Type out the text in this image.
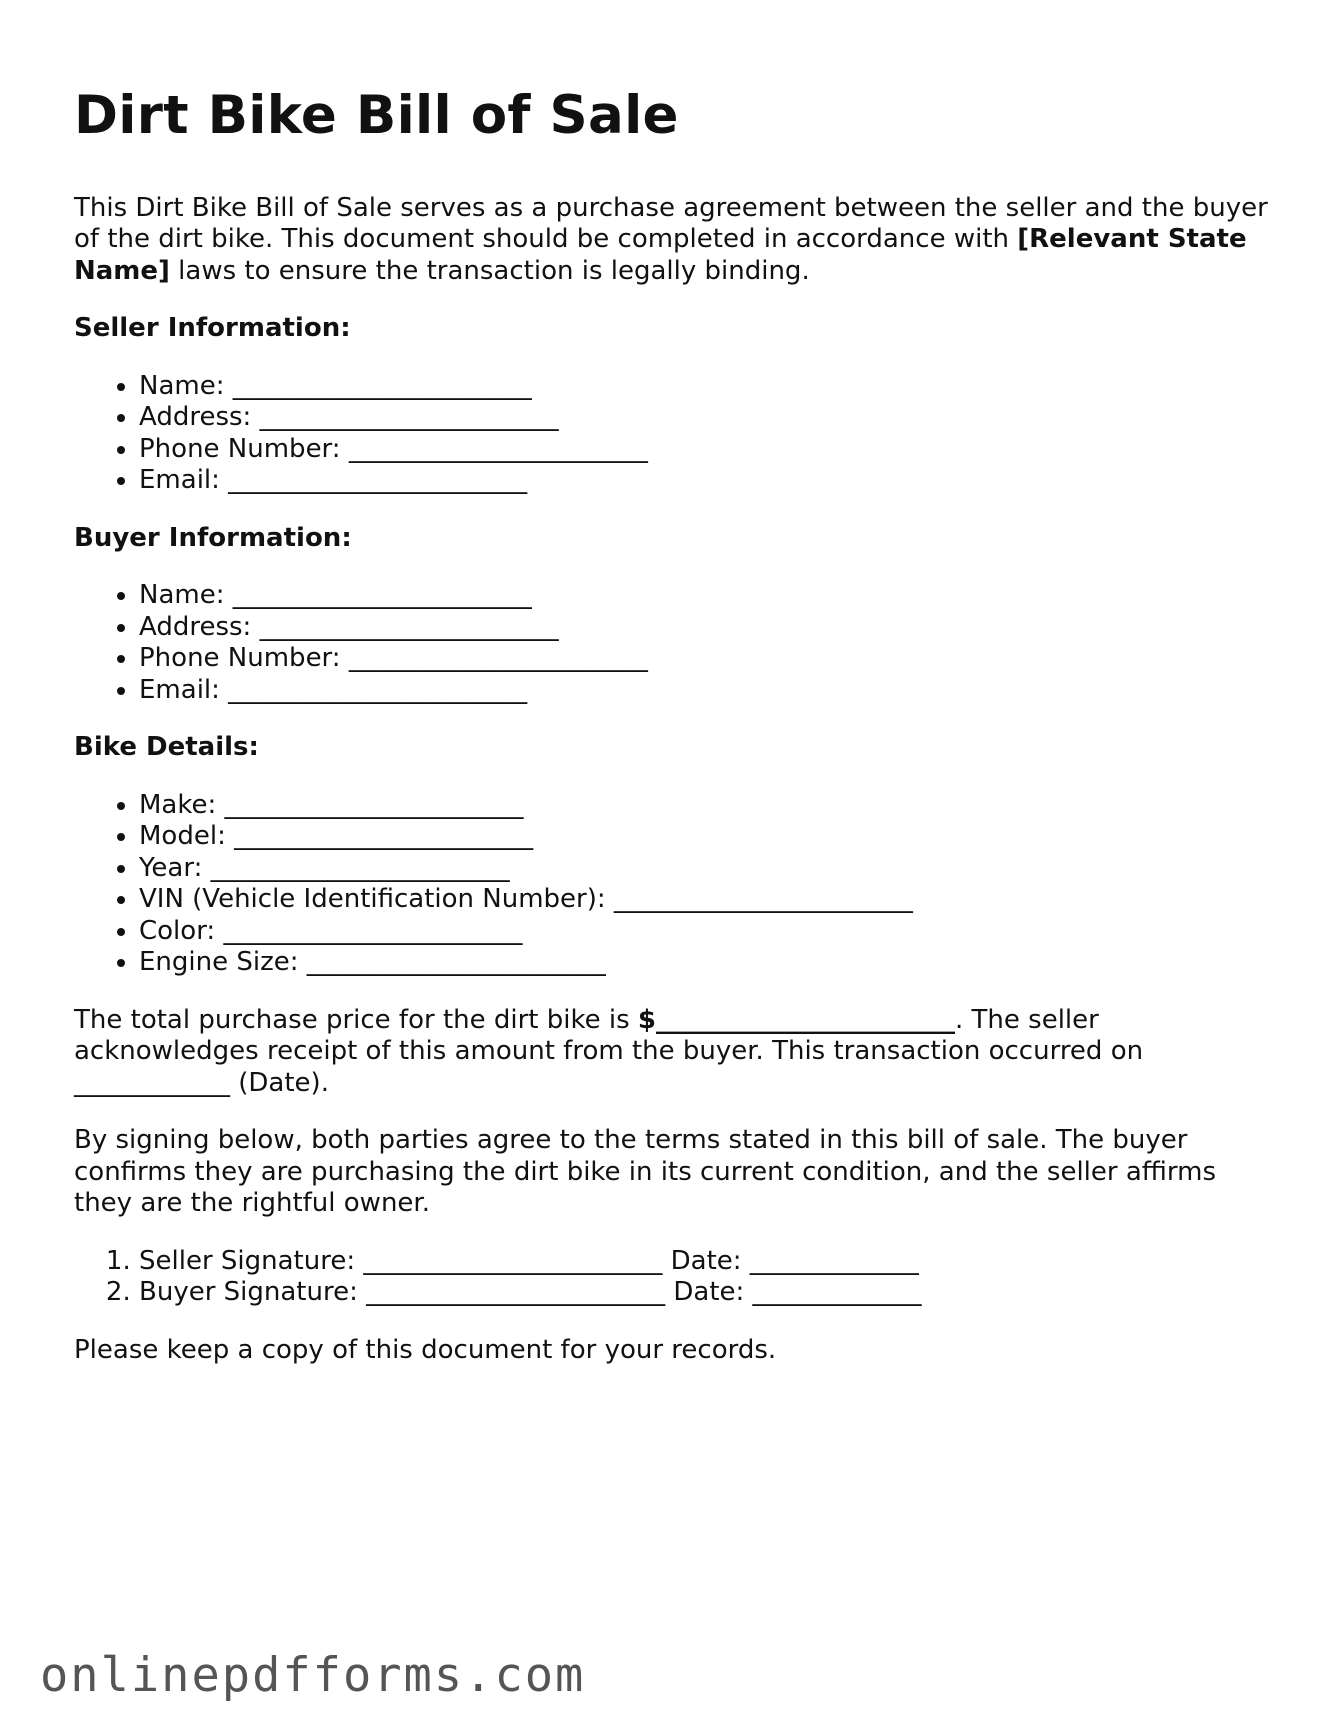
Dirt Bike Bill of Sale

This Dirt Bike Bill of Sale serves as a purchase agreement between the seller and the buyer of the dirt bike. This document should be completed in accordance with [Relevant State Name] laws to ensure the transaction is legally binding.

Seller Information:
• Name: _______________________
• Address: _______________________
• Phone Number: _______________________
• Email: _______________________
Buyer Information:
• Name: _______________________
• Address: _______________________
• Phone Number: _______________________
• Email: _______________________
Bike Details:
• Make: _______________________
• Model: _______________________
• Year: _______________________
• VIN (Vehicle Identification Number): _______________________
• Color: _______________________
• Engine Size: _______________________

The total purchase price for the dirt bike is $_______________________. The seller acknowledges receipt of this amount from the buyer. This transaction occurred on ____________ (Date).

By signing below, both parties agree to the terms stated in this bill of sale. The buyer confirms they are purchasing the dirt bike in its current condition, and the seller affirms they are the rightful owner.

1. Seller Signature: _______________________ Date: _____________
2. Buyer Signature: _______________________ Date: _____________

Please keep a copy of this document for your records.

onlinepdfforms.com
